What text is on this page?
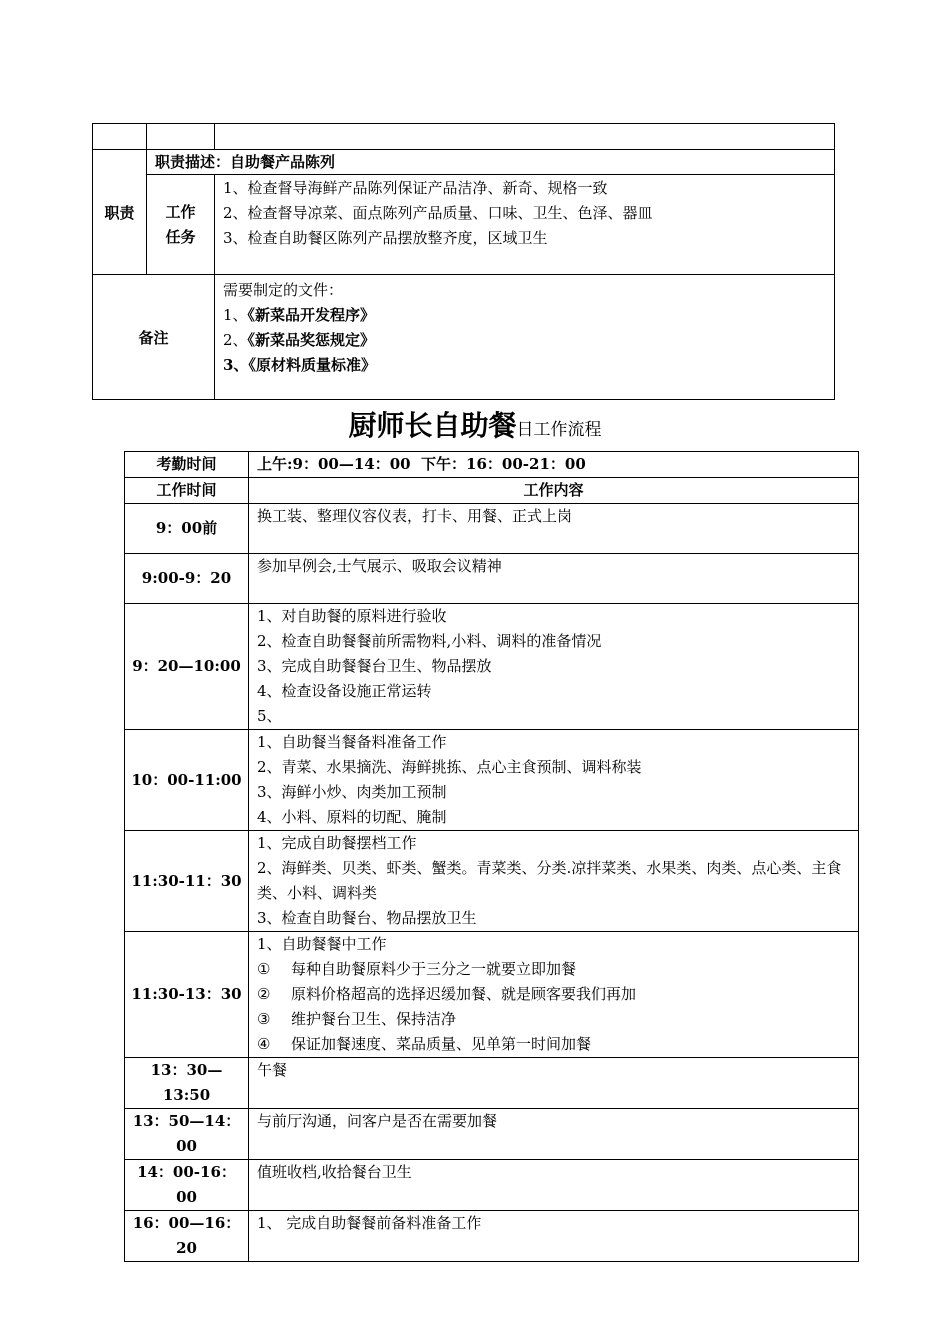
职责	职责描述：自助餐产品陈列	

	工作
任务	1、检查督导海鲜产品陈列保证产品洁净、新奇、规格一致
2、检查督导凉菜、面点陈列产品质量、口味、卫生、色泽、器皿
3、检查自助餐区陈列产品摆放整齐度，区域卫生

备注		需要制定的文件：
1、《新菜品开发程序》
2、《新菜品奖惩规定》
3、《原材料质量标准》
厨师长自助餐日工作流程
考勤时间	上午:9：00—14：00  下午：16：00-21：00
工作时间	工作内容
9：00前	换工装、整理仪容仪表，打卡、用餐、正式上岗

9:00-9：20	参加早例会,士气展示、吸取会议精神

9：20—10:00	1、对自助餐的原料进行验收
2、检查自助餐餐前所需物料,小料、调料的准备情况
3、完成自助餐餐台卫生、物品摆放
4、检查设备设施正常运转
5、

10：00-11:00	1、自助餐当餐备料准备工作
2、青菜、水果摘洗、海鲜挑拣、点心主食预制、调料称装
3、海鲜小炒、肉类加工预制
4、小料、原料的切配、腌制

11:30-11：30	1、完成自助餐摆档工作
2、海鲜类、贝类、虾类、蟹类。青菜类、分类.凉拌菜类、水果类、肉类、点心类、主食类、小料、调料类
3、检查自助餐台、物品摆放卫生

11:30-13：30	1、自助餐餐中工作
① 每种自助餐原料少于三分之一就要立即加餐
② 原料价格超高的选择迟缓加餐、就是顾客要我们再加
③ 维护餐台卫生、保持洁净
④ 保证加餐速度、菜品质量、见单第一时间加餐

13：30—13:50	午餐

13：50—14：00	与前厅沟通，问客户是否在需要加餐

14：00-16：00	值班收档,收拾餐台卫生

16：00—16：20	1、 完成自助餐餐前备料准备工作
